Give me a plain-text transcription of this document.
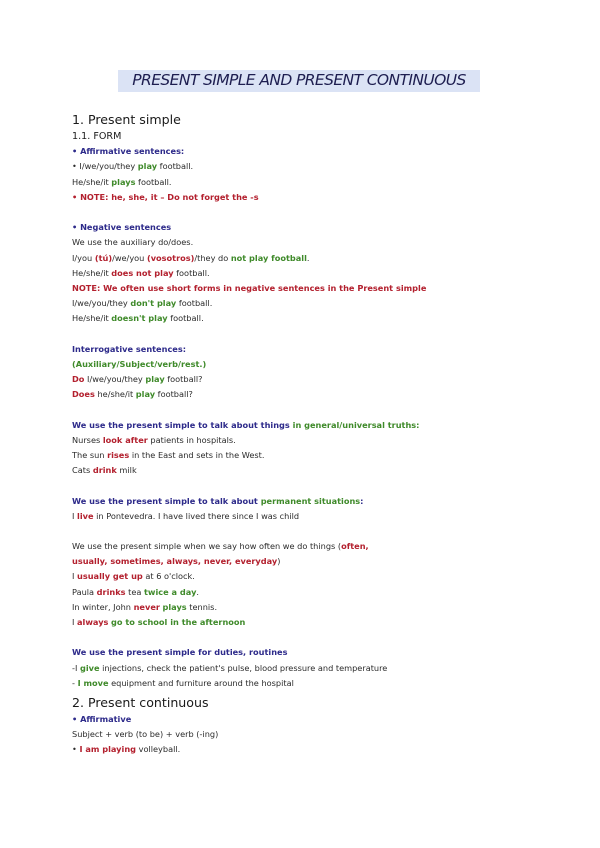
PRESENT SIMPLE AND PRESENT CONTINUOUS
1. Present simple
1.1. FORM
• Affirmative sentences:
• I/we/you/they play football.
He/she/it plays football.
• NOTE: he, she, it – Do not forget the -s
• Negative sentences
We use the auxiliary do/does.
I/you (tú)/we/you (vosotros)/they do not play football.
He/she/it does not play football.
NOTE: We often use short forms in negative sentences in the Present simple
I/we/you/they don't play football.
He/she/it doesn't play football.
Interrogative sentences:
(Auxiliary/Subject/verb/rest.)
Do I/we/you/they play football?
Does he/she/it play football?
We use the present simple to talk about things in general/universal truths:
Nurses look after patients in hospitals.
The sun rises in the East and sets in the West.
Cats drink milk
We use the present simple to talk about permanent situations:
I live in Pontevedra. I have lived there since I was child
We use the present simple when we say how often we do things (often,
usually, sometimes, always, never, everyday)
I usually get up at 6 o'clock.
Paula drinks tea twice a day.
In winter, John never plays tennis.
I always go to school in the afternoon
We use the present simple for duties, routines
-I give injections, check the patient's pulse, blood pressure and temperature
- I move equipment and furniture around the hospital
2. Present continuous
• Affirmative
Subject + verb (to be) + verb (-ing)
• I am playing volleyball.
